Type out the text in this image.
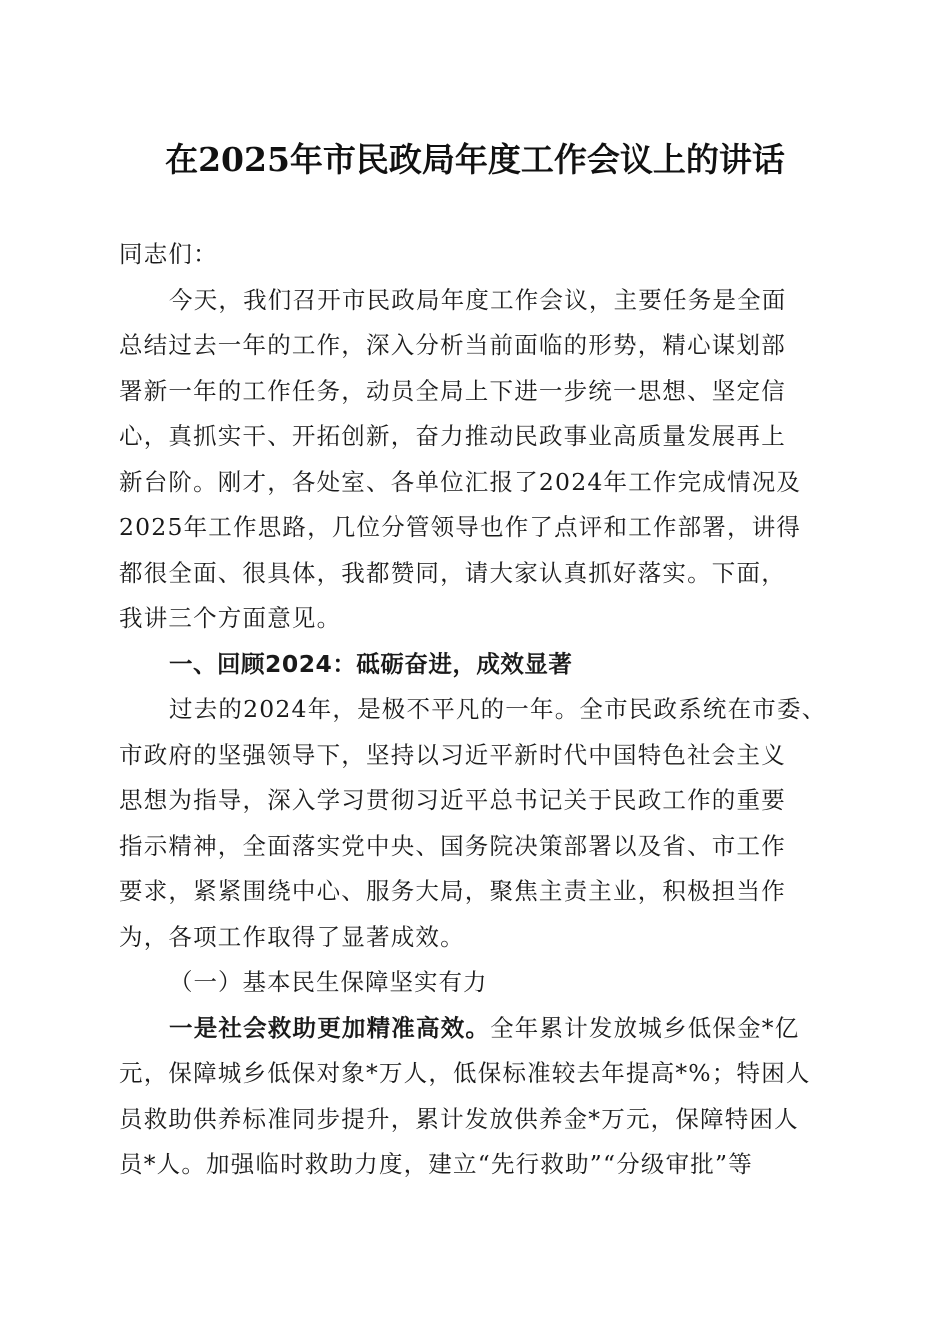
在2025年市民政局年度工作会议上的讲话
同志们：
今天，我们召开市民政局年度工作会议，主要任务是全面
总结过去一年的工作，深入分析当前面临的形势，精心谋划部
署新一年的工作任务，动员全局上下进一步统一思想、坚定信
心，真抓实干、开拓创新，奋力推动民政事业高质量发展再上
新台阶。刚才，各处室、各单位汇报了2024年工作完成情况及
2025年工作思路，几位分管领导也作了点评和工作部署，讲得
都很全面、很具体，我都赞同，请大家认真抓好落实。下面，
我讲三个方面意见。
一、回顾2024：砥砺奋进，成效显著
过去的2024年，是极不平凡的一年。全市民政系统在市委、
市政府的坚强领导下，坚持以习近平新时代中国特色社会主义
思想为指导，深入学习贯彻习近平总书记关于民政工作的重要
指示精神，全面落实党中央、国务院决策部署以及省、市工作
要求，紧紧围绕中心、服务大局，聚焦主责主业，积极担当作
为，各项工作取得了显著成效。
（一）基本民生保障坚实有力
一是社会救助更加精准高效。全年累计发放城乡低保金*亿
元，保障城乡低保对象*万人，低保标准较去年提高*%；特困人
员救助供养标准同步提升，累计发放供养金*万元，保障特困人
员*人。加强临时救助力度，建立“先行救助”“分级审批”等
